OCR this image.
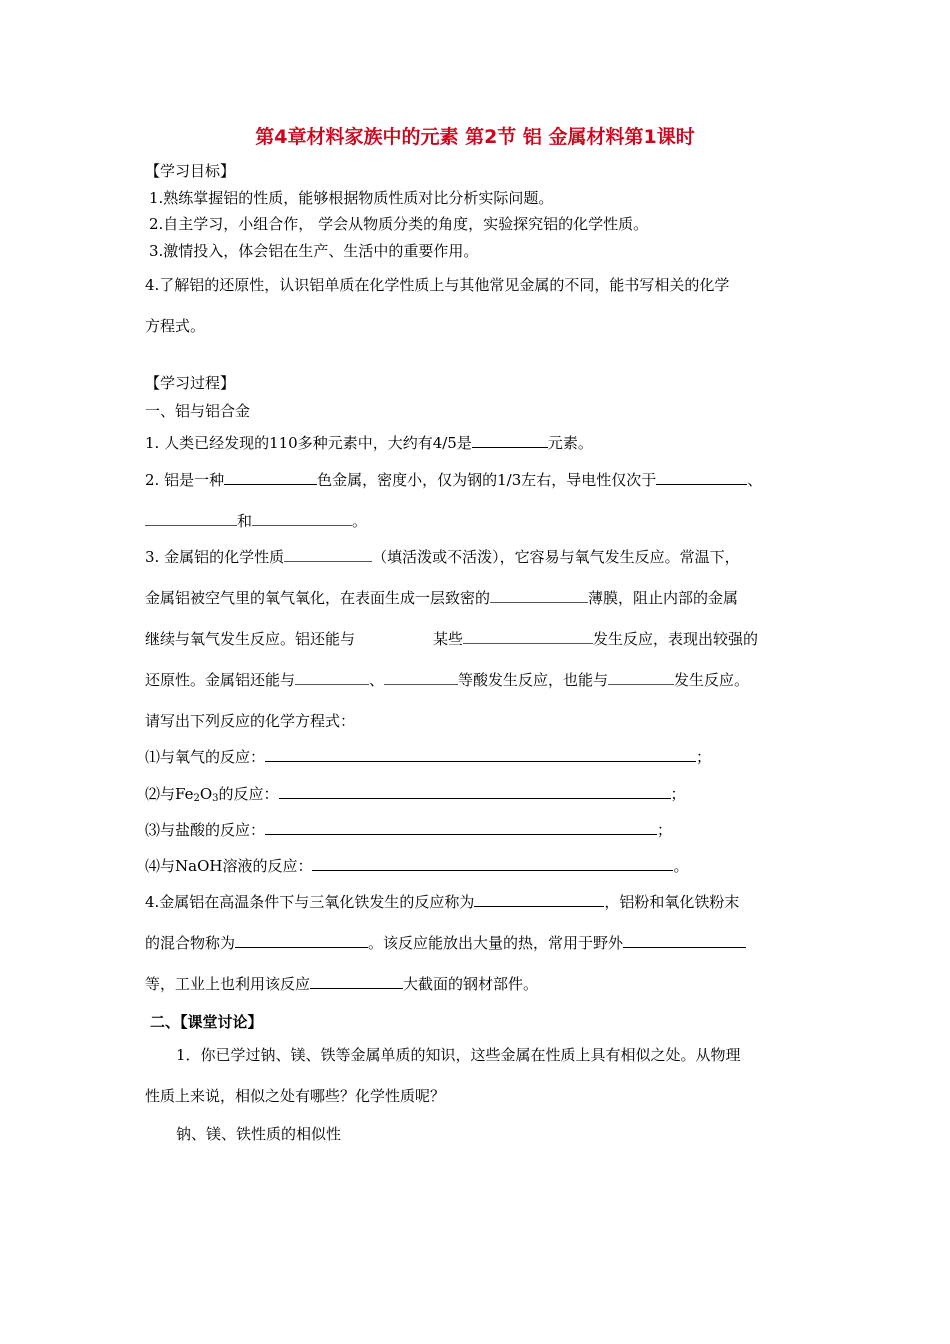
第4章材料家族中的元素 第2节 铝 金属材料第1课时
【学习目标】
1.熟练掌握铝的性质，能够根据物质性质对比分析实际问题。
2.自主学习，小组合作， 学会从物质分类的角度，实验探究铝的化学性质。
3.激情投入，体会铝在生产、生活中的重要作用。
4.了解铝的还原性，认识铝单质在化学性质上与其他常见金属的不同，能书写相关的化学
方程式。
【学习过程】
一、铝与铝合金
1. 人类已经发现的110多种元素中，大约有4/5是	元素。
2. 铝是一种	色金属，密度小，仅为钢的1/3左右，导电性仅次于	、
和	。
3. 金属铝的化学性质	（填活泼或不活泼），它容易与氧气发生反应。常温下，
金属铝被空气里的氧气氧化，在表面生成一层致密的	薄膜，阻止内部的金属
继续与氧气发生反应。铝还能与	某些	发生反应，表现出较强的
还原性。金属铝还能与	、	等酸发生反应，也能与	发生反应。
请写出下列反应的化学方程式：
⑴与氧气的反应：	；
⑵与$Fe_2O_3$的反应：	；
⑶与盐酸的反应：	；
⑷与NaOH溶液的反应：	。
4.金属铝在高温条件下与三氧化铁发生的反应称为	，铝粉和氧化铁粉末
的混合物称为	。该反应能放出大量的热，常用于野外
等，工业上也利用该反应	大截面的钢材部件。
二、【课堂讨论】
1．你已学过钠、镁、铁等金属单质的知识，这些金属在性质上具有相似之处。从物理
性质上来说，相似之处有哪些？化学性质呢？
钠、镁、铁性质的相似性
